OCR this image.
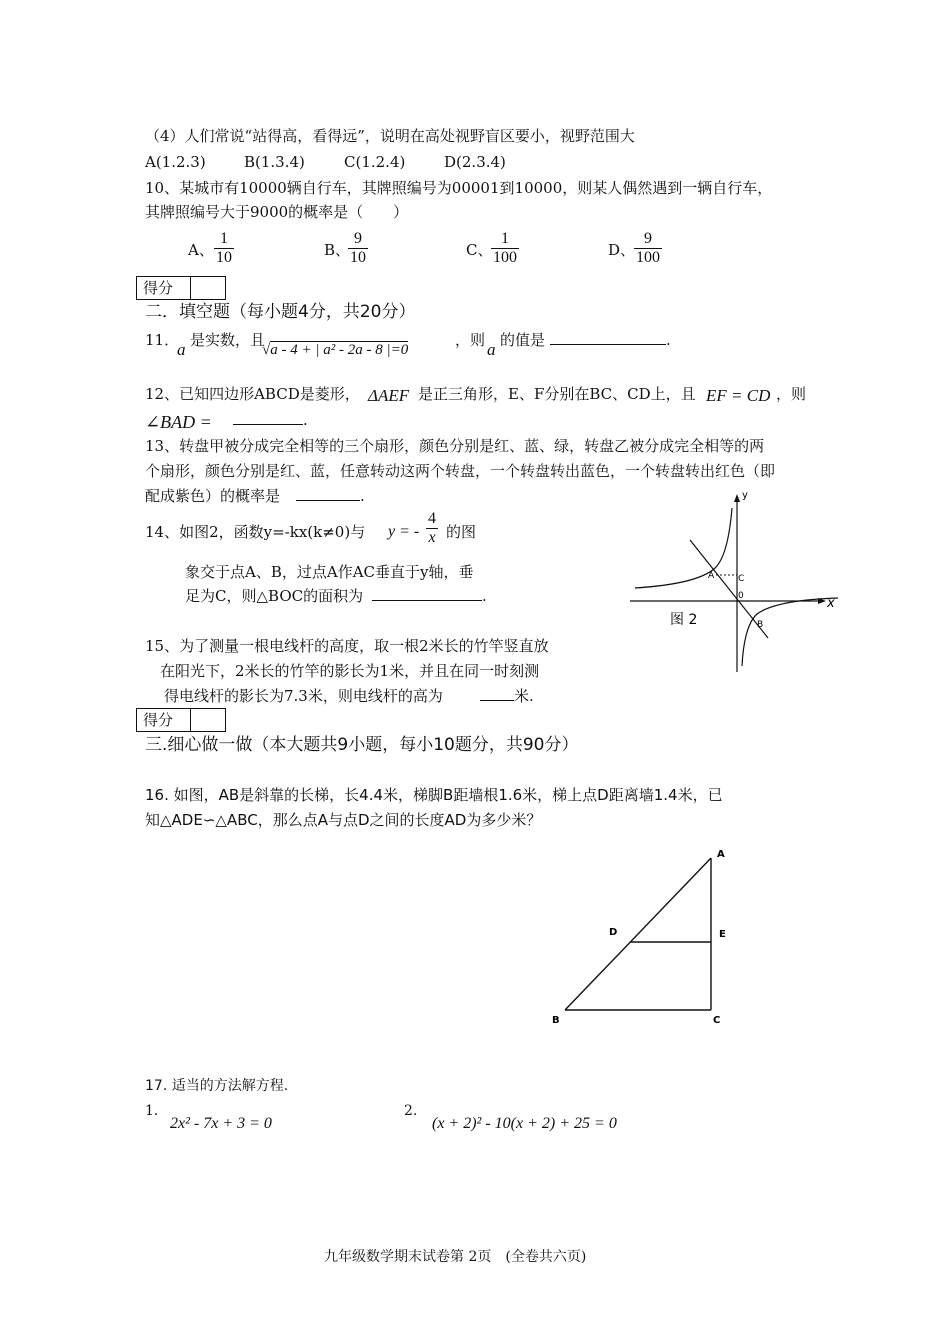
（4）人们常说“站得高，看得远”，说明在高处视野盲区要小，视野范围大
A(1.2.3)	B(1.3.4)	C(1.2.4)	D(2.3.4)
10、某城市有10000辆自行车，其牌照编号为00001到10000，则某人偶然遇到一辆自行车，
其牌照编号大于9000的概率是（　　）
A、 $\frac{1}{10}$	B、
$\frac{9}{10}$	C、
$\frac{1}{100}$	D、
$\frac{9}{100}$
得分
二．填空题（每小题4分，共20分）
11．
a 是实数，且
√a - 4 + | a² - 2a - 8 |=0
，则 a 的值是	.
12、已知四边形ABCD是菱形， ΔAEF 是正三角形，E、F分别在BC、CD上，且 EF = CD ，则
∠BAD =	.
13、转盘甲被分成完全相等的三个扇形，颜色分别是红、蓝、绿，转盘乙被分成完全相等的两
个扇形，颜色分别是红、蓝，任意转动这两个转盘，一个转盘转出蓝色，一个转盘转出红色（即
配成紫色）的概率是	.
14、如图2，函数y=-kx(k≠0)与 y = - $\frac{4}{x}$ 的图
象交于点A、B，过点A作AC垂直于y轴，垂
足为C，则△BOC的面积为	.
y
x
A	C
0
B
图 2
15、为了测量一根电线杆的高度，取一根2米长的竹竿竖直放
在阳光下，2米长的竹竿的影长为1米，并且在同一时刻测
得电线杆的影长为7.3米，则电线杆的高为	米.
得分
三.细心做一做（本大题共9小题，每小10题分，共90分）
16. 如图，AB是斜靠的长梯，长4.4米，梯脚B距墙根1.6米，梯上点D距离墙1.4米，已
知△ADE∽△ABC，那么点A与点D之间的长度AD为多少米？
A
D	E
B	C
17. 适当的方法解方程.
1.
2x² - 7x + 3 = 0
2.
(x + 2)² - 10(x + 2) + 25 = 0
九年级数学期末试卷第 2页　(全卷共六页)
